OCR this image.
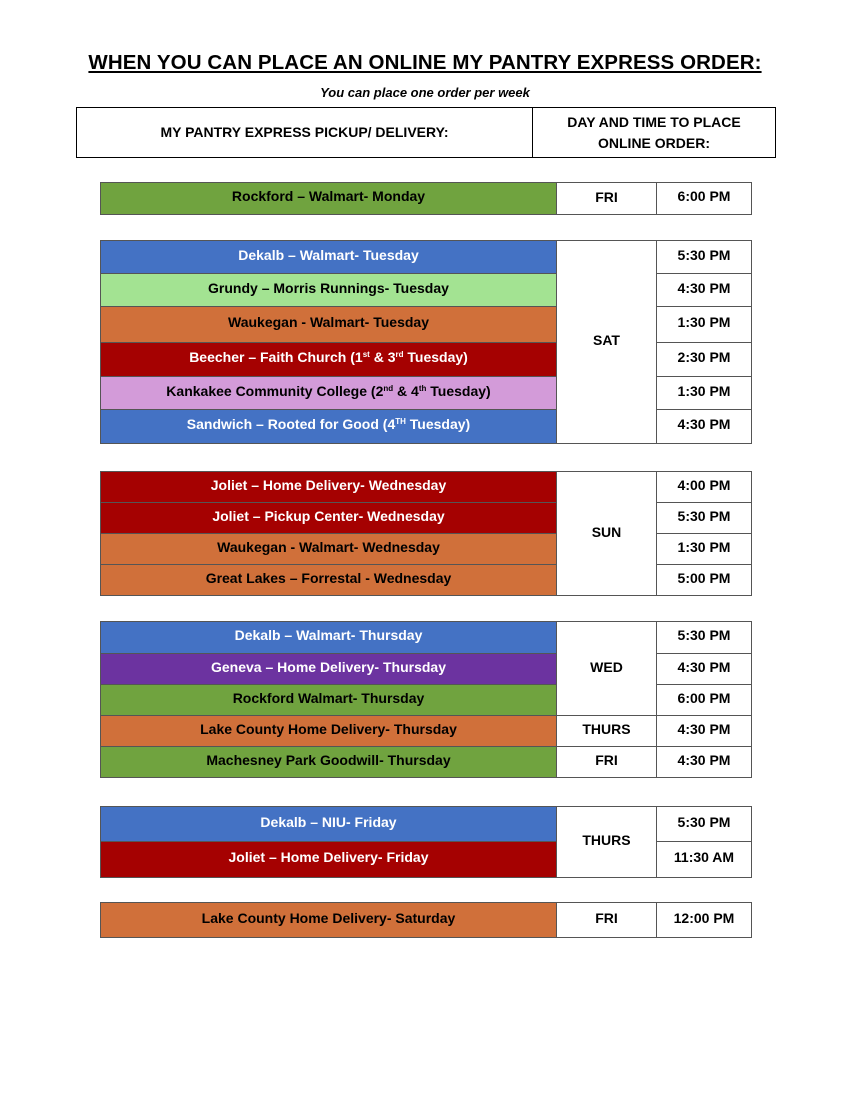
WHEN YOU CAN PLACE AN ONLINE MY PANTRY EXPRESS ORDER:
You can place one order per week
MY PANTRY EXPRESS PICKUP/ DELIVERY:	DAY AND TIME TO PLACE ONLINE ORDER:
Rockford – Walmart- Monday	FRI	6:00 PM
Dekalb – Walmart- Tuesday	SAT	5:30 PM
Grundy – Morris Runnings- Tuesday		4:30 PM
Waukegan - Walmart- Tuesday		1:30 PM
Beecher – Faith Church (1st & 3rd Tuesday)		2:30 PM
Kankakee Community College (2nd & 4th Tuesday)		1:30 PM
Sandwich – Rooted for Good (4TH Tuesday)		4:30 PM
Joliet – Home Delivery- Wednesday	SUN	4:00 PM
Joliet – Pickup Center- Wednesday		5:30 PM
Waukegan - Walmart- Wednesday		1:30 PM
Great Lakes – Forrestal - Wednesday		5:00 PM
Dekalb – Walmart- Thursday	WED	5:30 PM
Geneva – Home Delivery- Thursday		4:30 PM
Rockford Walmart- Thursday		6:00 PM
Lake County Home Delivery- Thursday	THURS	4:30 PM
Machesney Park Goodwill- Thursday	FRI	4:30 PM
Dekalb – NIU- Friday	THURS	5:30 PM
Joliet – Home Delivery- Friday		11:30 AM
Lake County Home Delivery- Saturday	FRI	12:00 PM
